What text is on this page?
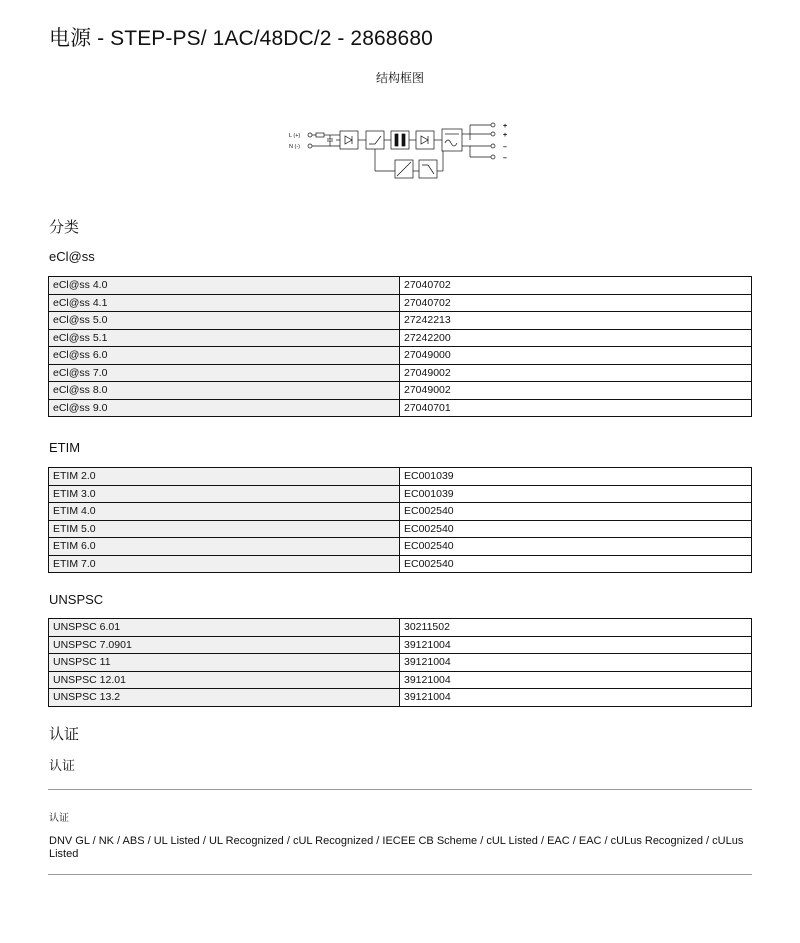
电源 - STEP-PS/ 1AC/48DC/2 - 2868680
结构框图
L (+)
N (-)
+
+
–
–
分类
eCl@ss
eCl@ss 4.0	27040702
eCl@ss 4.1	27040702
eCl@ss 5.0	27242213
eCl@ss 5.1	27242200
eCl@ss 6.0	27049000
eCl@ss 7.0	27049002
eCl@ss 8.0	27049002
eCl@ss 9.0	27040701
ETIM
ETIM 2.0	EC001039
ETIM 3.0	EC001039
ETIM 4.0	EC002540
ETIM 5.0	EC002540
ETIM 6.0	EC002540
ETIM 7.0	EC002540
UNSPSC
UNSPSC 6.01	30211502
UNSPSC 7.0901	39121004
UNSPSC 11	39121004
UNSPSC 12.01	39121004
UNSPSC 13.2	39121004
认证
认证
认证
DNV GL / NK / ABS / UL Listed / UL Recognized / cUL Recognized / IECEE CB Scheme / cUL Listed / EAC / EAC / cULus Recognized / cULus Listed
